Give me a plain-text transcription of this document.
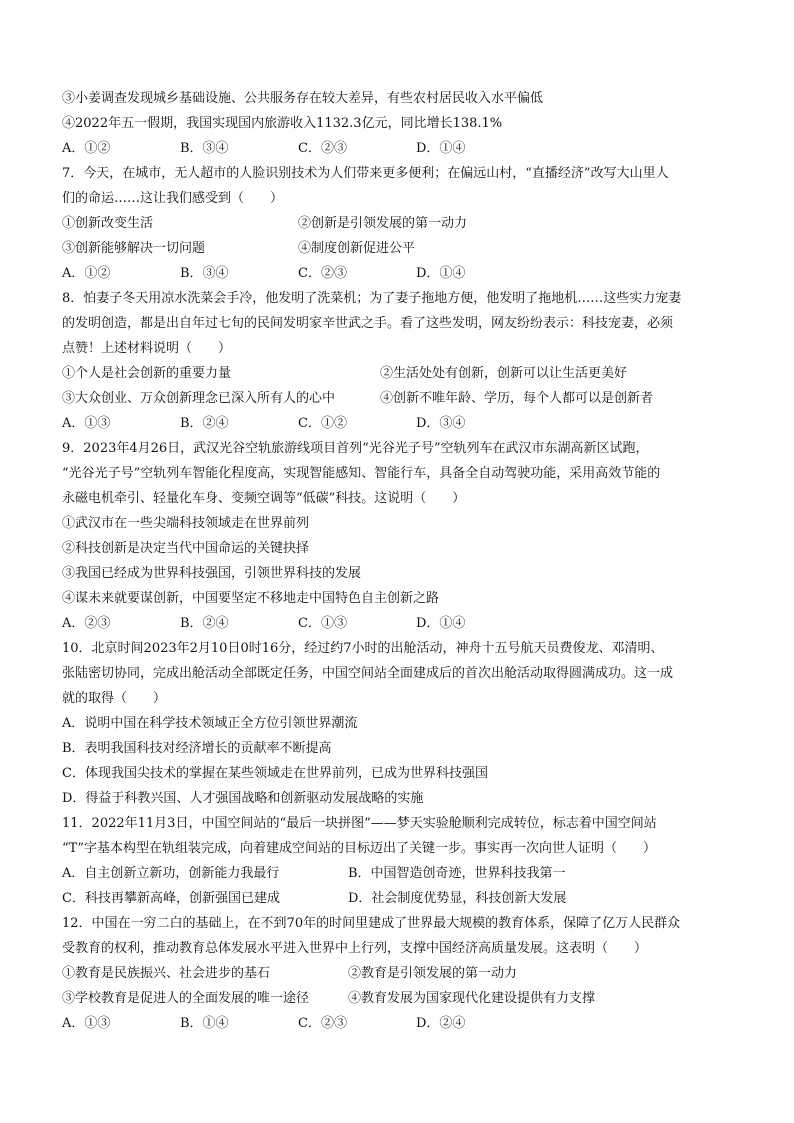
③小姜调查发现城乡基础设施、公共服务存在较大差异，有些农村居民收入水平偏低
④2022年五一假期，我国实现国内旅游收入1132.3亿元，同比增长138.1%
A．①②	B．③④	C．②③	D．①④
7．今天，在城市，无人超市的人脸识别技术为人们带来更多便利；在偏远山村，“直播经济”改写大山里人
们的命运……这让我们感受到（　　）
①创新改变生活	②创新是引领发展的第一动力
③创新能够解决一切问题	④制度创新促进公平
A．①②	B．③④	C．②③	D．①④
8．怕妻子冬天用凉水洗菜会手冷，他发明了洗菜机；为了妻子拖地方便，他发明了拖地机……这些实力宠妻
的发明创造，都是出自年过七旬的民间发明家辛世武之手。看了这些发明，网友纷纷表示：科技宠妻，必须
点赞！上述材料说明（　　）
①个人是社会创新的重要力量	②生活处处有创新，创新可以让生活更美好
③大众创业、万众创新理念已深入所有人的心中	④创新不唯年龄、学历，每个人都可以是创新者
A．①③	B．②④	C．①②	D．③④
9．2023年4月26日，武汉光谷空轨旅游线项目首列“光谷光子号”空轨列车在武汉市东湖高新区试跑，
“光谷光子号”空轨列车智能化程度高，实现智能感知、智能行车，具备全自动驾驶功能，采用高效节能的
永磁电机牵引、轻量化车身、变频空调等“低碳”科技。这说明（　　）
①武汉市在一些尖端科技领域走在世界前列
②科技创新是决定当代中国命运的关键抉择
③我国已经成为世界科技强国，引领世界科技的发展
④谋未来就要谋创新，中国要坚定不移地走中国特色自主创新之路
A．②③	B．②④	C．①③	D．①④
10．北京时间2023年2月10日0时16分，经过约7小时的出舱活动，神舟十五号航天员费俊龙、邓清明、
张陆密切协同，完成出舱活动全部既定任务，中国空间站全面建成后的首次出舱活动取得圆满成功。这一成
就的取得（　　）
A．说明中国在科学技术领域正全方位引领世界潮流
B．表明我国科技对经济增长的贡献率不断提高
C．体现我国尖技术的掌握在某些领域走在世界前列，已成为世界科技强国
D．得益于科教兴国、人才强国战略和创新驱动发展战略的实施
11．2022年11月3日，中国空间站的“最后一块拼图”——梦天实验舱顺利完成转位，标志着中国空间站
“T”字基本构型在轨组装完成，向着建成空间站的目标迈出了关键一步。事实再一次向世人证明（　　）
A．自主创新立新功，创新能力我最行	B．中国智造创奇迹，世界科技我第一
C．科技再攀新高峰，创新强国已建成	D．社会制度优势显，科技创新大发展
12．中国在一穷二白的基础上，在不到70年的时间里建成了世界最大规模的教育体系，保障了亿万人民群众
受教育的权利，推动教育总体发展水平进入世界中上行列，支撑中国经济高质量发展。这表明（　　）
①教育是民族振兴、社会进步的基石	②教育是引领发展的第一动力
③学校教育是促进人的全面发展的唯一途径	④教育发展为国家现代化建设提供有力支撑
A．①③	B．①④	C．②③	D．②④
